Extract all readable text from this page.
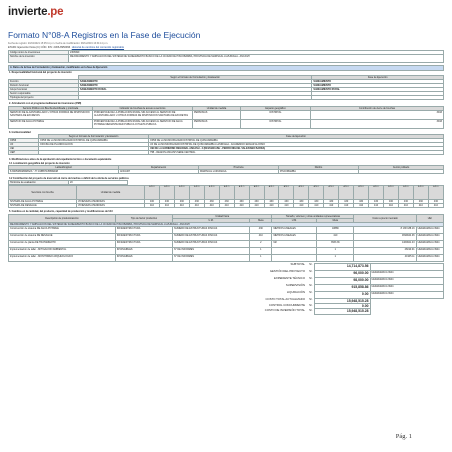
invierte.pe
Formato N°08-A Registros en la Fase de Ejecución
Fecha de registro: 20/04/2021 15:05:11 p.m. Fecha de modificación: 08/11/2019 16:34:14 p.m.
ETAPA: Ejecución física (C) CÓD. INV: 2306-8956996  Historial de cambios del contenido registrable
Código único de inversiones	2306999
Nombre de la inversión	MEJORAMIENTO Y AMPLIACION DEL SISTEMA DE SANEAMIENTO BASICO DE LA CIUDAD DE PISCOBAMBA, PROVINCIA DE MARISCAL LUZURIAGA - ANCASH
A. Datos de la fase de Formulación y Evaluación, modificados en la fase de Ejecución
1. Responsabilidad funcional del proyecto de inversión
	Según el formato de Formulación y Evaluación	Fase de Ejecución
Función	SANEAMIENTO	SANEAMIENTO
División funcional	SANEAMIENTO	SANEAMIENTO
Grupo funcional	SANEAMIENTO RURAL	SANEAMIENTO RURAL
Sector responsable		
Tipología del proyecto		
2. Articulación con el programa multianual de inversiones (PMI)
Servicio Público con Brecha identificada y priorizada	Indicador de brechas de acceso a servicios	Unidad de medida	Espacio geográfico	Contribución de cierre de brechas
SERVICIO DE ALCANTARILLADO U OTRAS FORMAS DE DISPOSICION SANITARIA DE EXCRETAS	PORCENTAJE DE LA POBLACION RURAL SIN ACCESO AL SERVICIO DE ALCANTARILLADO U OTRAS FORMAS DE DISPOSICION SANITARIA DE EXCRETAS	PERSONAS	DISTRITAL	3943
SERVICIO DE AGUA POTABLE	PORCENTAJE DE LA POBLACION RURAL SIN ACCESO AL SERVICIO DE AGUA POTABLE MEDIANTE RED PUBLICA O PILETA PUBLICA	PERSONAS	DISTRITAL	3943
3. Institucionalidad
	Según el formato de Formulación y Evaluación	Fase de Ejecución
OPMI	OPMI DE LA MUNICIPALIDAD DISTRITAL DE QUINUABAMBA	OPMI DE LA MUNICIPALIDAD DISTRITAL DE QUINUABAMBA
UF	OFICINA DE PLANIFICACION	UF DE LA MUNICIPALIDAD DISTRITAL DE QUINUABAMBA LUZURIAGA - ACADEMICO EDGAR ALONSO
UEI		UEI DE LA GOBIERNO REGIONAL ANCASH - 2 (DEVIANCASH - PEDRO MIGUEL VALEZIANO BARDA)
UEP		75B - REGION ANCASH-SEDE CENTRAL
4. Modificaciones antes de la aprobación del expediente técnico o documento equivalente
4.1 Localización geográfica del proyecto de inversión
Latitud/longitud	Departamento	Provincia	Distrito	Centro poblado
8.360538948998323 / -77.168857435899948	ANCASH	MARISCAL LUZURIAGA	PISCOBAMBA	
4.2 Contribución del proyecto de inversión al cierre de brechas o déficit de la oferta de servicios públicos
Horizonte de evaluación	20
Servicios con brecha	Unidad de medida	A Ñ O	A Ñ O	A Ñ O	A Ñ O	A Ñ O	A Ñ O	A Ñ O	A Ñ O	A Ñ O	A Ñ O	A Ñ O	A Ñ O	A Ñ O	A Ñ O	A Ñ O	A Ñ O	A Ñ O	A Ñ O	A Ñ O	A Ñ O
SISTEMA DE AGUA POTABLE	VIVIENDAS ATENDIDAS	430	430	430	430	430	430	430	430	430	430	430	430	430	430	430	430	430	430	430	430
SISTEMA DE DESAGUE	VIVIENDAS ATENDIDAS	410	410	410	410	410	410	410	410	410	410	410	410	410	410	410	410	410	410	410	410
5. Cambios en la cantidad, del producto, capacidad de producción y modificaciones de UEI
Descripción de producto/acción	Tipo de factor productivo	Unidad física		Tamaño, volumen y otras unidades representativas		Costo a precio mercado	UEI
		U.M.	Meta	U.M.	Meta		
MEJORAMIENTO Y AMPLIACION DEL SISTEMA DE SANEAMIENTO BASICO DE LA CIUDAD DE PISCOBAMBA, PROVINCIA DE MARISCAL LUZURIAGA - ANCASH							
Construcción de sistema DE AGUA POTABLE	INFRAESTRUCTURA	NUMERO DE ESTRUCTURAS FISICAS	430	METROS LINEALES	18889	8 138 188.16	UEIGRAMACA 3944
Construcción de sistema DE DESAGUE	INFRAESTRUCTURA	NUMERO DE ESTRUCTURAS FISICAS	410	METROS LINEALES	410	4699944.06	UEIGRAMACA 3944
Construcción de planta DE TRATAMIENTO	INFRAESTRUCTURA	NUMERO DE ESTRUCTURAS FISICAS	2	M2	3533.36	1460921.43	UEIGRAMACA 3944
Implementación de taller - MITIGACION AMBIENTAL	INTANGIBLES	N° DE INFORMES	1		1	46190.01	UEIGRAMACA 3944
Implementación de taller - MONITOREO ARQUEOLOGICO	INTANGIBLES	N° DE INFORMES	1		1	41905.11	UEIGRAMACA 3944
SUBTOTAL	S/.	14,714,873.56	
GESTIÓN DEL PROYECTO	S/.	96,000.00	UEIGRAMACA 3944
EXPEDIENTE TÉCNICO	S/.	98,000.00	UEIGRAMACA 3944
SUPERVISIÓN	S/.	915,858.86	UEIGRAMACA 3944
LIQUIDACIÓN	S/.	0.00	UEIGRAMACA 3944
COSTO TOTAL ACTUALIZADO	S/.	15,948,515.28	
CONTROL CONCURRENTE	S/.	0.00	
COSTO DE INVERSIÓN TOTAL	S/.	15,948,515.28	
Pág. 1
